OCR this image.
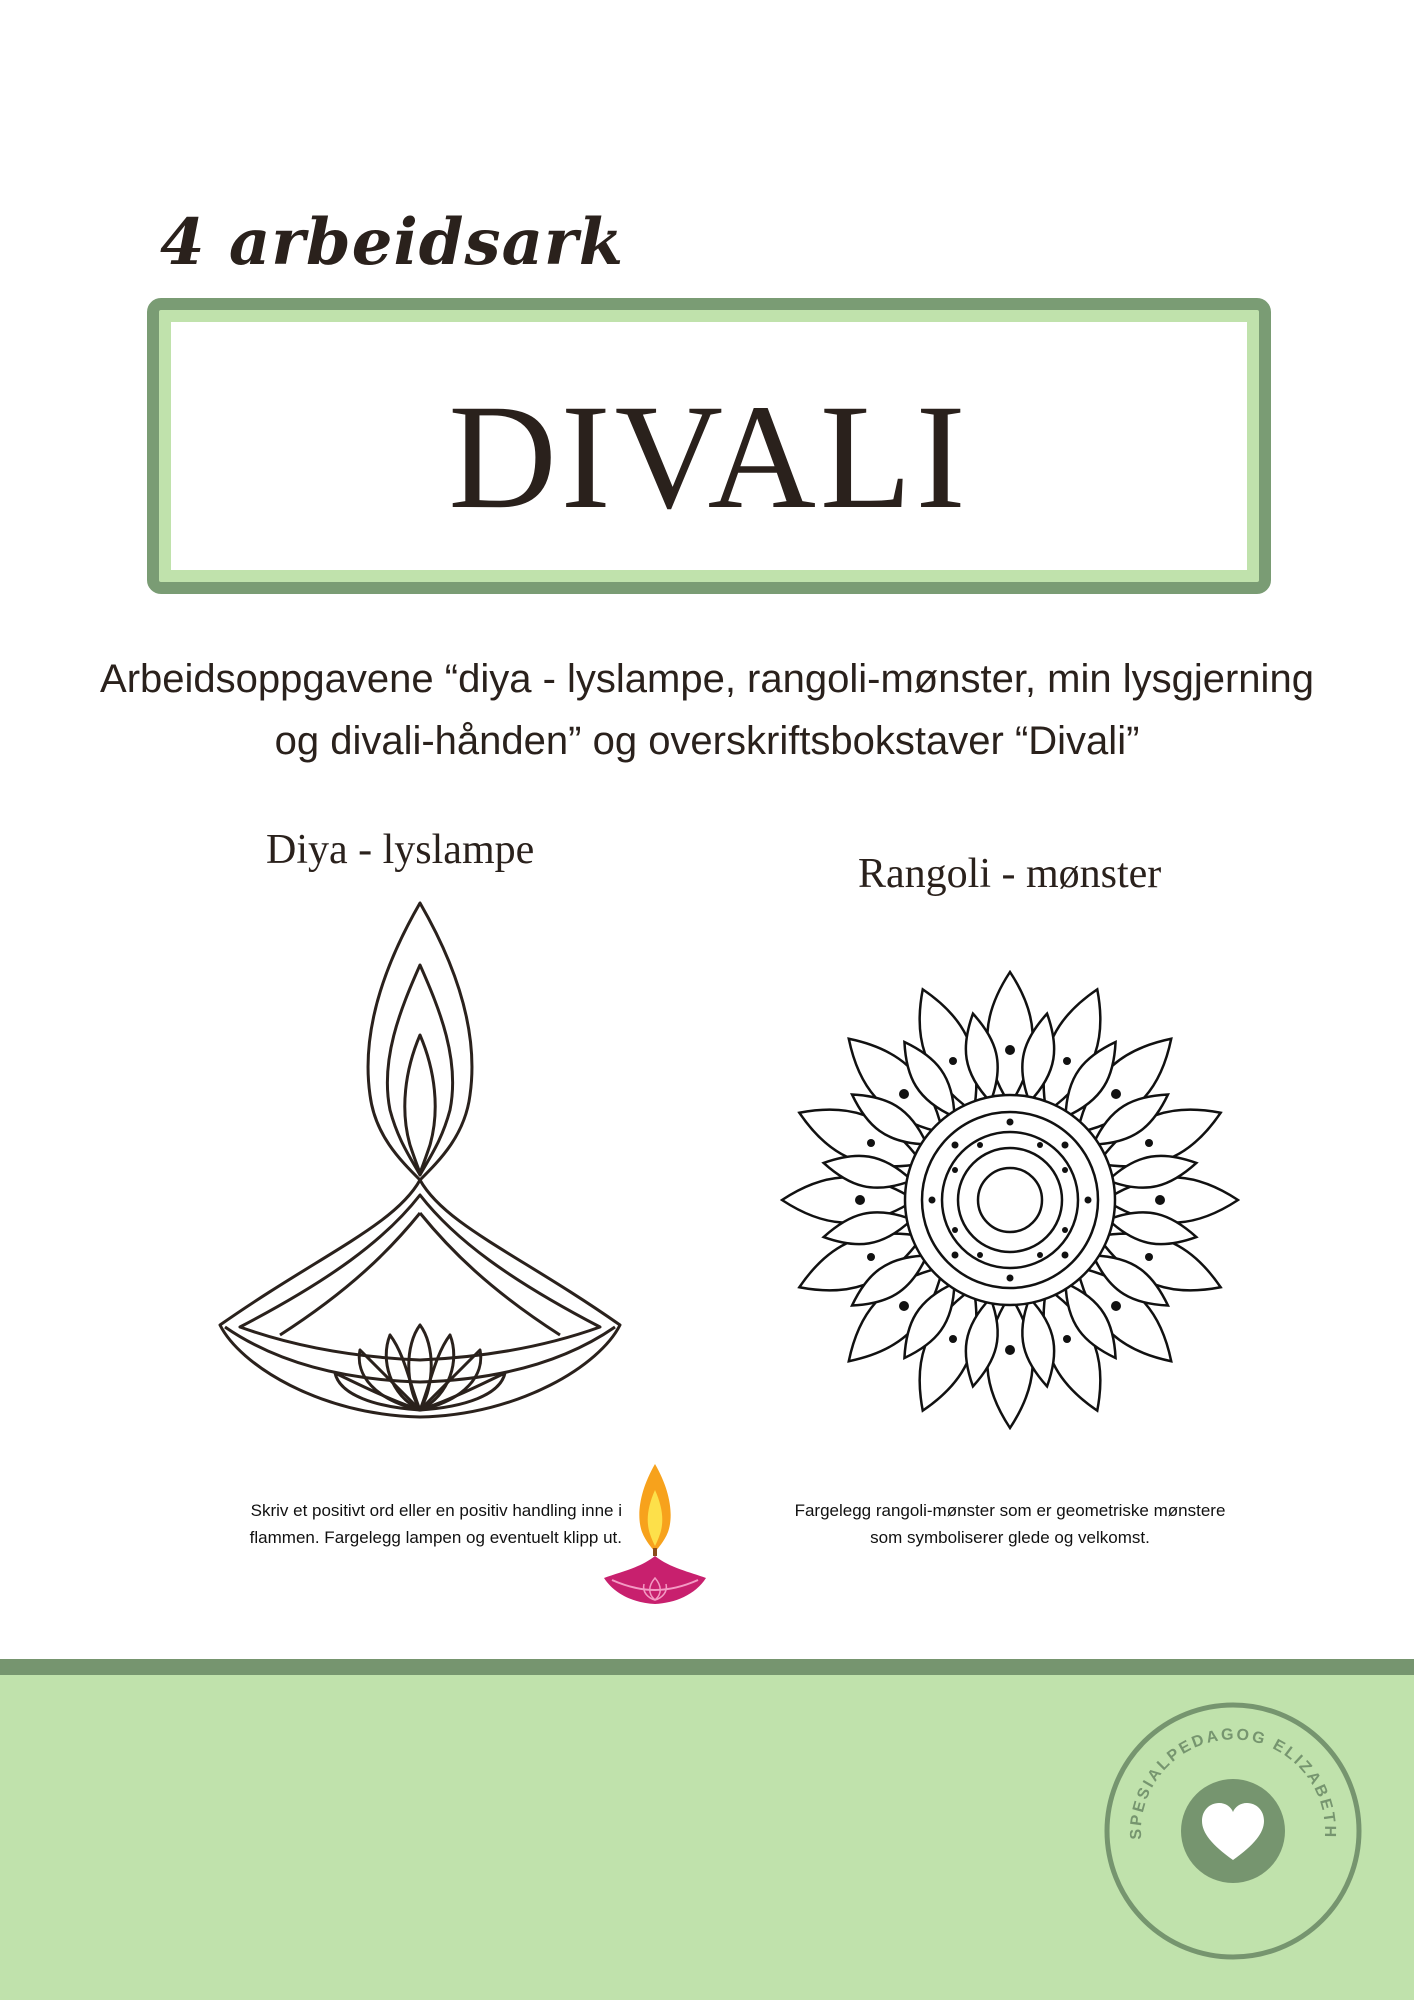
4 arbeidsark
DIVALI
Arbeidsoppgavene “diya - lyslampe, rangoli-mønster, min lysgjerning
og divali-hånden” og overskriftsbokstaver “Divali”
Diya - lyslampe
Rangoli - mønster
Skriv et positivt ord eller en positiv handling inne i
flammen. Fargelegg lampen og eventuelt klipp ut.
Fargelegg rangoli-mønster som er geometriske mønstere
som symboliserer glede og velkomst.
SPESIALPEDAGOG ELIZABETH
